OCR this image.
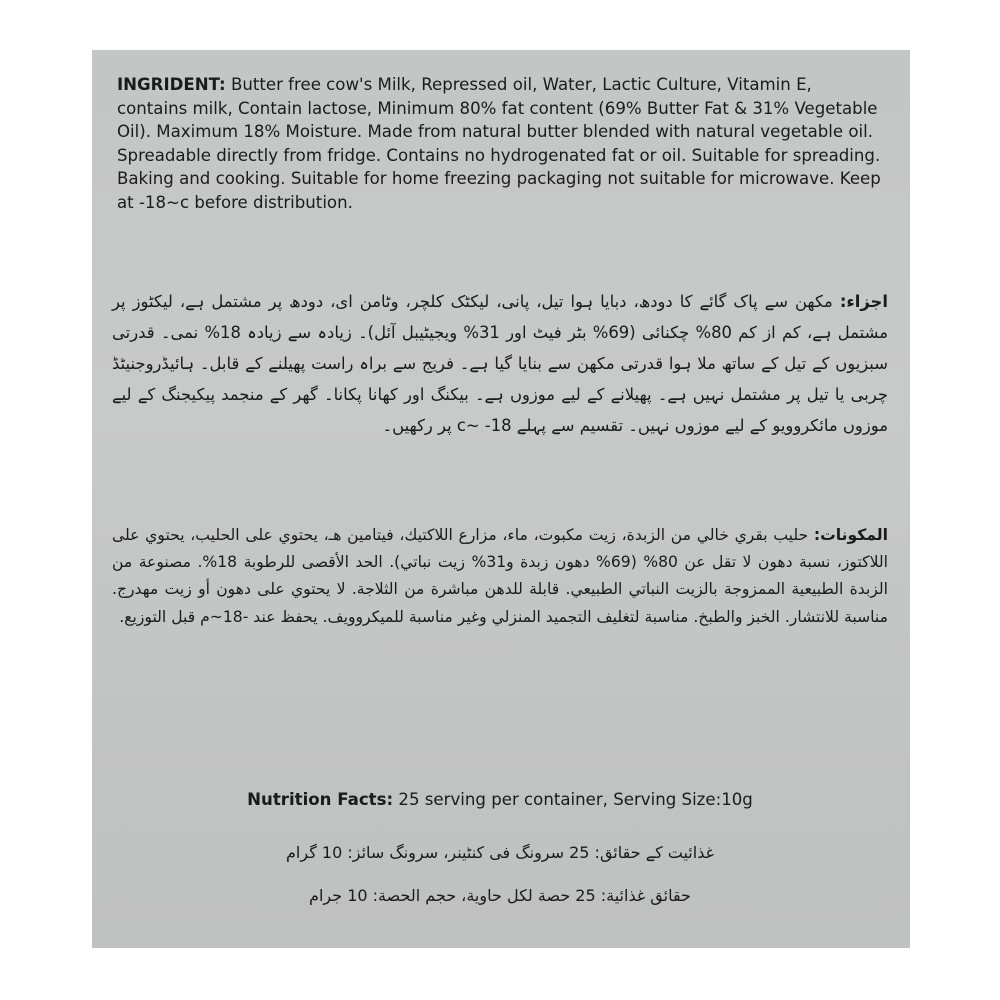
INGRIDENT: Butter free cow's Milk, Repressed oil, Water, Lactic Culture, Vitamin E, contains milk, Contain lactose, Minimum 80% fat content (69% Butter Fat & 31% Vegetable Oil). Maximum 18% Moisture. Made from natural butter blended with natural vegetable oil. Spreadable directly from fridge. Contains no hydrogenated fat or oil. Suitable for spreading. Baking and cooking. Suitable for home freezing packaging not suitable for microwave. Keep at -18~c before distribution.

اجزاء: مکھن سے پاک گائے کا دودھ، دبایا ہوا تیل، پانی، لیکٹک کلچر، وٹامن ای، دودھ پر مشتمل ہے، لیکٹوز پر مشتمل ہے، کم از کم 80% چکنائی (69% بٹر فیٹ اور 31% ویجیٹیبل آئل)۔ زیادہ سے زیادہ 18% نمی۔ قدرتی سبزیوں کے تیل کے ساتھ ملا ہوا قدرتی مکھن سے بنایا گیا ہے۔ فریج سے براہ راست پھیلنے کے قابل۔ ہائیڈروجنیٹڈ چربی یا تیل پر مشتمل نہیں ہے۔ پھیلانے کے لیے موزوں ہے۔ بیکنگ اور کھانا پکانا۔ گھر کے منجمد پیکیجنگ کے لیے موزوں مائکروویو کے لیے موزوں نہیں۔ تقسیم سے پہلے 18- ~c پر رکھیں۔

المكونات: حليب بقري خالي من الزبدة، زيت مكبوت، ماء، مزارع اللاكتيك، فيتامين هـ، يحتوي على الحليب، يحتوي على اللاكتوز، نسبة دهون لا تقل عن 80% (69% دهون زبدة و31% زيت نباتي). الحد الأقصى للرطوبة 18%. مصنوعة من الزبدة الطبيعية الممزوجة بالزيت النباتي الطبيعي. قابلة للدهن مباشرة من الثلاجة. لا يحتوي على دهون أو زيت مهدرج. مناسبة للانتشار. الخبز والطبخ. مناسبة لتغليف التجميد المنزلي وغير مناسبة للميكروويف. يحفظ عند -18~م قبل التوزيع.

Nutrition Facts: 25 serving per container, Serving Size:10g

غذائیت کے حقائق: 25 سرونگ فی کنٹینر، سرونگ سائز: 10 گرام

حقائق غذائية: 25 حصة لكل حاوية، حجم الحصة: 10 جرام
